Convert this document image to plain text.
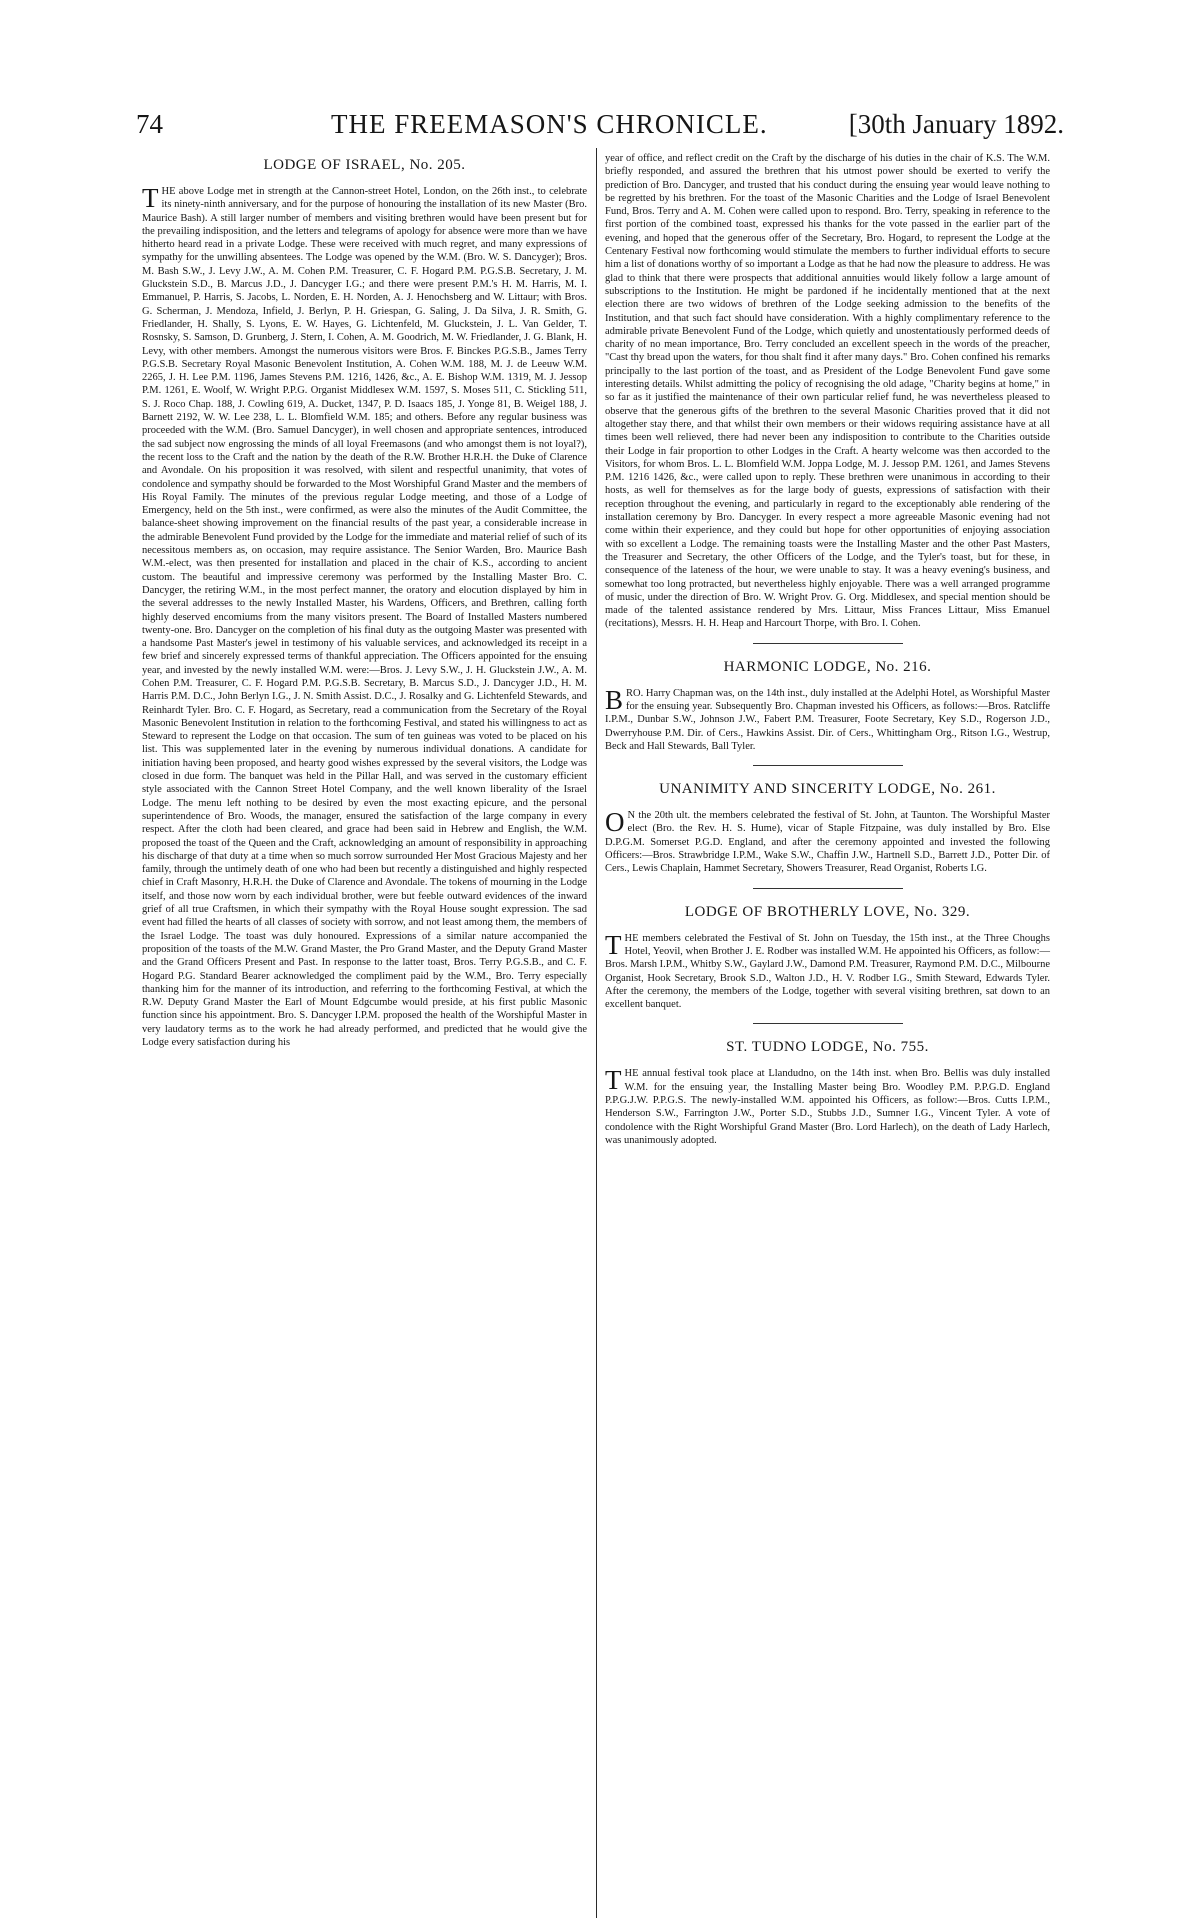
74	THE FREEMASON'S CHRONICLE.	[30th January 1892.
LODGE OF ISRAEL, No. 205.

THE above Lodge met in strength at the Cannon-street Hotel, London, on the 26th inst., to celebrate its ninety-ninth anniversary, and for the purpose of honouring the installation of its new Master (Bro. Maurice Bash). A still larger number of members and visiting brethren would have been present but for the prevailing indisposition, and the letters and telegrams of apology for absence were more than we have hitherto heard read in a private Lodge. These were received with much regret, and many expressions of sympathy for the unwilling absentees. The Lodge was opened by the W.M. (Bro. W. S. Dancyger); Bros. M. Bash S.W., J. Levy J.W., A. M. Cohen P.M. Treasurer, C. F. Hogard P.M. P.G.S.B. Secretary, J. M. Gluckstein S.D., B. Marcus J.D., J. Dancyger I.G.; and there were present P.M.'s H. M. Harris, M. I. Emmanuel, P. Harris, S. Jacobs, L. Norden, E. H. Norden, A. J. Henochsberg and W. Littaur; with Bros. G. Scherman, J. Mendoza, Infield, J. Berlyn, P. H. Griespan, G. Saling, J. Da Silva, J. R. Smith, G. Friedlander, H. Shally, S. Lyons, E. W. Hayes, G. Lichtenfeld, M. Gluckstein, J. L. Van Gelder, T. Rosnsky, S. Samson, D. Grunberg, J. Stern, I. Cohen, A. M. Goodrich, M. W. Friedlander, J. G. Blank, H. Levy, with other members. Amongst the numerous visitors were Bros. F. Binckes P.G.S.B., James Terry P.G.S.B. Secretary Royal Masonic Benevolent Institution, A. Cohen W.M. 188, M. J. de Leeuw W.M. 2265, J. H. Lee P.M. 1196, James Stevens P.M. 1216, 1426, &c., A. E. Bishop W.M. 1319, M. J. Jessop P.M. 1261, E. Woolf, W. Wright P.P.G. Organist Middlesex W.M. 1597, S. Moses 511, C. Stickling 511, S. J. Roco Chap. 188, J. Cowling 619, A. Ducket, 1347, P. D. Isaacs 185, J. Yonge 81, B. Weigel 188, J. Barnett 2192, W. W. Lee 238, L. L. Blomfield W.M. 185; and others. Before any regular business was proceeded with the W.M. (Bro. Samuel Dancyger), in well chosen and appropriate sentences, introduced the sad subject now engrossing the minds of all loyal Freemasons (and who amongst them is not loyal?), the recent loss to the Craft and the nation by the death of the R.W. Brother H.R.H. the Duke of Clarence and Avondale. On his proposition it was resolved, with silent and respectful unanimity, that votes of condolence and sympathy should be forwarded to the Most Worshipful Grand Master and the members of His Royal Family. The minutes of the previous regular Lodge meeting, and those of a Lodge of Emergency, held on the 5th inst., were confirmed, as were also the minutes of the Audit Committee, the balance-sheet showing improvement on the financial results of the past year, a considerable increase in the admirable Benevolent Fund provided by the Lodge for the immediate and material relief of such of its necessitous members as, on occasion, may require assistance. The Senior Warden, Bro. Maurice Bash W.M.-elect, was then presented for installation and placed in the chair of K.S., according to ancient custom. The beautiful and impressive ceremony was performed by the Installing Master Bro. C. Dancyger, the retiring W.M., in the most perfect manner, the oratory and elocution displayed by him in the several addresses to the newly Installed Master, his Wardens, Officers, and Brethren, calling forth highly deserved encomiums from the many visitors present. The Board of Installed Masters numbered twenty-one. Bro. Dancyger on the completion of his final duty as the outgoing Master was presented with a handsome Past Master's jewel in testimony of his valuable services, and acknowledged its receipt in a few brief and sincerely expressed terms of thankful appreciation. The Officers appointed for the ensuing year, and invested by the newly installed W.M. were:—Bros. J. Levy S.W., J. H. Gluckstein J.W., A. M. Cohen P.M. Treasurer, C. F. Hogard P.M. P.G.S.B. Secretary, B. Marcus S.D., J. Dancyger J.D., H. M. Harris P.M. D.C., John Berlyn I.G., J. N. Smith Assist. D.C., J. Rosalky and G. Lichtenfeld Stewards, and Reinhardt Tyler. Bro. C. F. Hogard, as Secretary, read a communication from the Secretary of the Royal Masonic Benevolent Institution in relation to the forthcoming Festival, and stated his willingness to act as Steward to represent the Lodge on that occasion. The sum of ten guineas was voted to be placed on his list. This was supplemented later in the evening by numerous individual donations. A candidate for initiation having been proposed, and hearty good wishes expressed by the several visitors, the Lodge was closed in due form. The banquet was held in the Pillar Hall, and was served in the customary efficient style associated with the Cannon Street Hotel Company, and the well known liberality of the Israel Lodge. The menu left nothing to be desired by even the most exacting epicure, and the personal superintendence of Bro. Woods, the manager, ensured the satisfaction of the large company in every respect. After the cloth had been cleared, and grace had been said in Hebrew and English, the W.M. proposed the toast of the Queen and the Craft, acknowledging an amount of responsibility in approaching his discharge of that duty at a time when so much sorrow surrounded Her Most Gracious Majesty and her family, through the untimely death of one who had been but recently a distinguished and highly respected chief in Craft Masonry, H.R.H. the Duke of Clarence and Avondale. The tokens of mourning in the Lodge itself, and those now worn by each individual brother, were but feeble outward evidences of the inward grief of all true Craftsmen, in which their sympathy with the Royal House sought expression. The sad event had filled the hearts of all classes of society with sorrow, and not least among them, the members of the Israel Lodge. The toast was duly honoured. Expressions of a similar nature accompanied the proposition of the toasts of the M.W. Grand Master, the Pro Grand Master, and the Deputy Grand Master and the Grand Officers Present and Past. In response to the latter toast, Bros. Terry P.G.S.B., and C. F. Hogard P.G. Standard Bearer acknowledged the compliment paid by the W.M., Bro. Terry especially thanking him for the manner of its introduction, and referring to the forthcoming Festival, at which the R.W. Deputy Grand Master the Earl of Mount Edgcumbe would preside, at his first public Masonic function since his appointment. Bro. S. Dancyger I.P.M. proposed the health of the Worshipful Master in very laudatory terms as to the work he had already performed, and predicted that he would give the Lodge every satisfaction during his

year of office, and reflect credit on the Craft by the discharge of his duties in the chair of K.S. The W.M. briefly responded, and assured the brethren that his utmost power should be exerted to verify the prediction of Bro. Dancyger, and trusted that his conduct during the ensuing year would leave nothing to be regretted by his brethren. For the toast of the Masonic Charities and the Lodge of Israel Benevolent Fund, Bros. Terry and A. M. Cohen were called upon to respond. Bro. Terry, speaking in reference to the first portion of the combined toast, expressed his thanks for the vote passed in the earlier part of the evening, and hoped that the generous offer of the Secretary, Bro. Hogard, to represent the Lodge at the Centenary Festival now forthcoming would stimulate the members to further individual efforts to secure him a list of donations worthy of so important a Lodge as that he had now the pleasure to address. He was glad to think that there were prospects that additional annuities would likely follow a large amount of subscriptions to the Institution. He might be pardoned if he incidentally mentioned that at the next election there are two widows of brethren of the Lodge seeking admission to the benefits of the Institution, and that such fact should have consideration. With a highly complimentary reference to the admirable private Benevolent Fund of the Lodge, which quietly and unostentatiously performed deeds of charity of no mean importance, Bro. Terry concluded an excellent speech in the words of the preacher, "Cast thy bread upon the waters, for thou shalt find it after many days." Bro. Cohen confined his remarks principally to the last portion of the toast, and as President of the Lodge Benevolent Fund gave some interesting details. Whilst admitting the policy of recognising the old adage, "Charity begins at home," in so far as it justified the maintenance of their own particular relief fund, he was nevertheless pleased to observe that the generous gifts of the brethren to the several Masonic Charities proved that it did not altogether stay there, and that whilst their own members or their widows requiring assistance have at all times been well relieved, there had never been any indisposition to contribute to the Charities outside their Lodge in fair proportion to other Lodges in the Craft. A hearty welcome was then accorded to the Visitors, for whom Bros. L. L. Blomfield W.M. Joppa Lodge, M. J. Jessop P.M. 1261, and James Stevens P.M. 1216 1426, &c., were called upon to reply. These brethren were unanimous in according to their hosts, as well for themselves as for the large body of guests, expressions of satisfaction with their reception throughout the evening, and particularly in regard to the exceptionably able rendering of the installation ceremony by Bro. Dancyger. In every respect a more agreeable Masonic evening had not come within their experience, and they could but hope for other opportunities of enjoying association with so excellent a Lodge. The remaining toasts were the Installing Master and the other Past Masters, the Treasurer and Secretary, the other Officers of the Lodge, and the Tyler's toast, but for these, in consequence of the lateness of the hour, we were unable to stay. It was a heavy evening's business, and somewhat too long protracted, but nevertheless highly enjoyable. There was a well arranged programme of music, under the direction of Bro. W. Wright Prov. G. Org. Middlesex, and special mention should be made of the talented assistance rendered by Mrs. Littaur, Miss Frances Littaur, Miss Emanuel (recitations), Messrs. H. H. Heap and Harcourt Thorpe, with Bro. I. Cohen.

HARMONIC LODGE, No. 216.

BRO. Harry Chapman was, on the 14th inst., duly installed at the Adelphi Hotel, as Worshipful Master for the ensuing year. Subsequently Bro. Chapman invested his Officers, as follows:—Bros. Ratcliffe I.P.M., Dunbar S.W., Johnson J.W., Fabert P.M. Treasurer, Foote Secretary, Key S.D., Rogerson J.D., Dwerryhouse P.M. Dir. of Cers., Hawkins Assist. Dir. of Cers., Whittingham Org., Ritson I.G., Westrup, Beck and Hall Stewards, Ball Tyler.

UNANIMITY AND SINCERITY LODGE, No. 261.

O N the 20th ult. the members celebrated the festival of St. John, at Taunton. The Worshipful Master elect (Bro. the Rev. H. S. Hume), vicar of Staple Fitzpaine, was duly installed by Bro. Else D.P.G.M. Somerset P.G.D. England, and after the ceremony appointed and invested the following Officers:—Bros. Strawbridge I.P.M., Wake S.W., Chaffin J.W., Hartnell S.D., Barrett J.D., Potter Dir. of Cers., Lewis Chaplain, Hammet Secretary, Showers Treasurer, Read Organist, Roberts I.G.

LODGE OF BROTHERLY LOVE, No. 329.

THE members celebrated the Festival of St. John on Tuesday, the 15th inst., at the Three Choughs Hotel, Yeovil, when Brother J. E. Rodber was installed W.M. He appointed his Officers, as follow:—Bros. Marsh I.P.M., Whitby S.W., Gaylard J.W., Damond P.M. Treasurer, Raymond P.M. D.C., Milbourne Organist, Hook Secretary, Brook S.D., Walton J.D., H. V. Rodber I.G., Smith Steward, Edwards Tyler. After the ceremony, the members of the Lodge, together with several visiting brethren, sat down to an excellent banquet.

ST. TUDNO LODGE, No. 755.

THE annual festival took place at Llandudno, on the 14th inst. when Bro. Bellis was duly installed W.M. for the ensuing year, the Installing Master being Bro. Woodley P.M. P.P.G.D. England P.P.G.J.W. P.P.G.S. The newly-installed W.M. appointed his Officers, as follow:—Bros. Cutts I.P.M., Henderson S.W., Farrington J.W., Porter S.D., Stubbs J.D., Sumner I.G., Vincent Tyler. A vote of condolence with the Right Worshipful Grand Master (Bro. Lord Harlech), on the death of Lady Harlech, was unanimously adopted.
